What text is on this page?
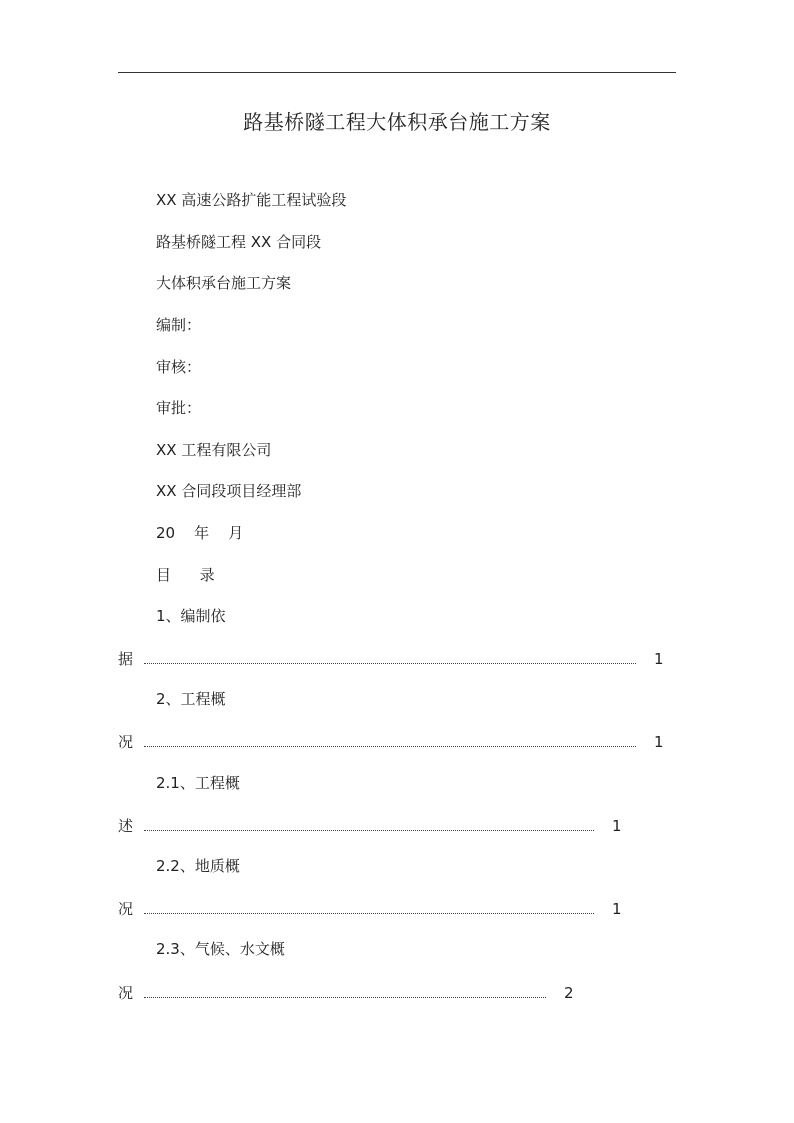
路基桥隧工程大体积承台施工方案
XX 高速公路扩能工程试验段
路基桥隧工程 XX 合同段
大体积承台施工方案
编制：
审核：
审批：
XX 工程有限公司
XX 合同段项目经理部
20    年    月
目      录
1、编制依
据	1
2、工程概
况	1
2.1、工程概
述	1
2.2、地质概
况	1
2.3、气候、水文概
况	2
